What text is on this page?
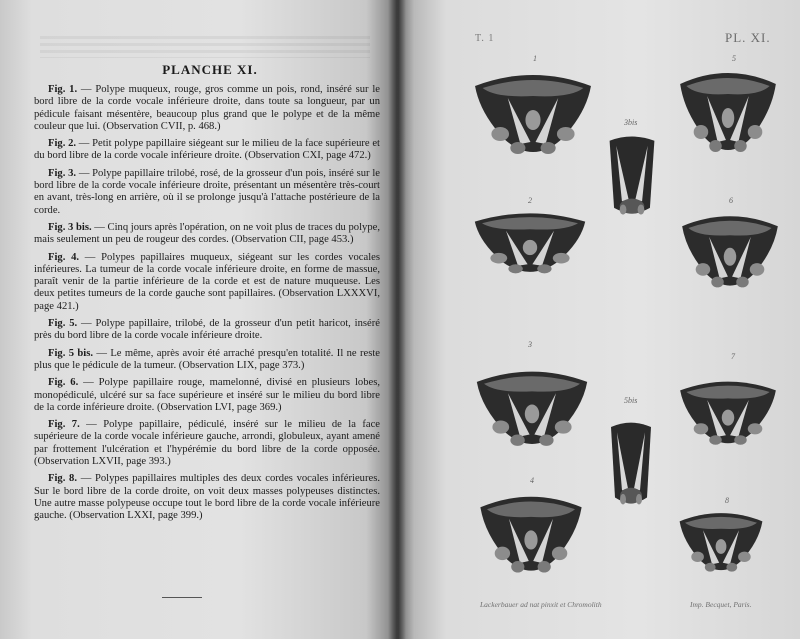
PLANCHE XI.

Fig. 1. — Polype muqueux, rouge, gros comme un pois, rond, inséré sur le bord libre de la corde vocale inférieure droite, dans toute sa longueur, par un pédicule faisant mésentère, beaucoup plus grand que le polype et de la même couleur que lui. (Observation CVII, p. 468.)

Fig. 2. — Petit polype papillaire siégeant sur le milieu de la face supérieure et du bord libre de la corde vocale inférieure droite. (Observation CXI, page 472.)

Fig. 3. — Polype papillaire trilobé, rosé, de la grosseur d'un pois, inséré sur le bord libre de la corde vocale inférieure droite, présentant un mésentère très-court en avant, très-long en arrière, où il se prolonge jusqu'à l'attache postérieure de la corde.

Fig. 3 bis. — Cinq jours après l'opération, on ne voit plus de traces du polype, mais seulement un peu de rougeur des cordes. (Observation CII, page 453.)

Fig. 4. — Polypes papillaires muqueux, siégeant sur les cordes vocales inférieures. La tumeur de la corde vocale inférieure droite, en forme de massue, paraît venir de la partie inférieure de la corde et est de nature muqueuse. Les deux petites tumeurs de la corde gauche sont papillaires. (Observation LXXXVI, page 421.)

Fig. 5. — Polype papillaire, trilobé, de la grosseur d'un petit haricot, inséré près du bord libre de la corde vocale inférieure droite.

Fig. 5 bis. — Le même, après avoir été arraché presqu'en totalité. Il ne reste plus que le pédicule de la tumeur. (Observation LIX, page 373.)

Fig. 6. — Polype papillaire rouge, mamelonné, divisé en plusieurs lobes, monopédiculé, ulcéré sur sa face supérieure et inséré sur le milieu du bord libre de la corde inférieure droite. (Observation LVI, page 369.)

Fig. 7. — Polype papillaire, pédiculé, inséré sur le milieu de la face supérieure de la corde vocale inférieure gauche, arrondi, globuleux, ayant amené par frottement l'ulcération et l'hypérémie du bord libre de la corde opposée. (Observation LXVII, page 393.)

Fig. 8. — Polypes papillaires multiples des deux cordes vocales inférieures. Sur le bord libre de la corde droite, on voit deux masses polypeuses distinctes. Une autre masse polypeuse occupe tout le bord libre de la corde vocale inférieure gauche. (Observation LXXI, page 399.)

T. 1	PL. XI.
1
2
3
4
5
6
7
8
3bis
5bis
Lackerbauer ad nat pinxit et Chromolith	Imp. Becquet, Paris.
